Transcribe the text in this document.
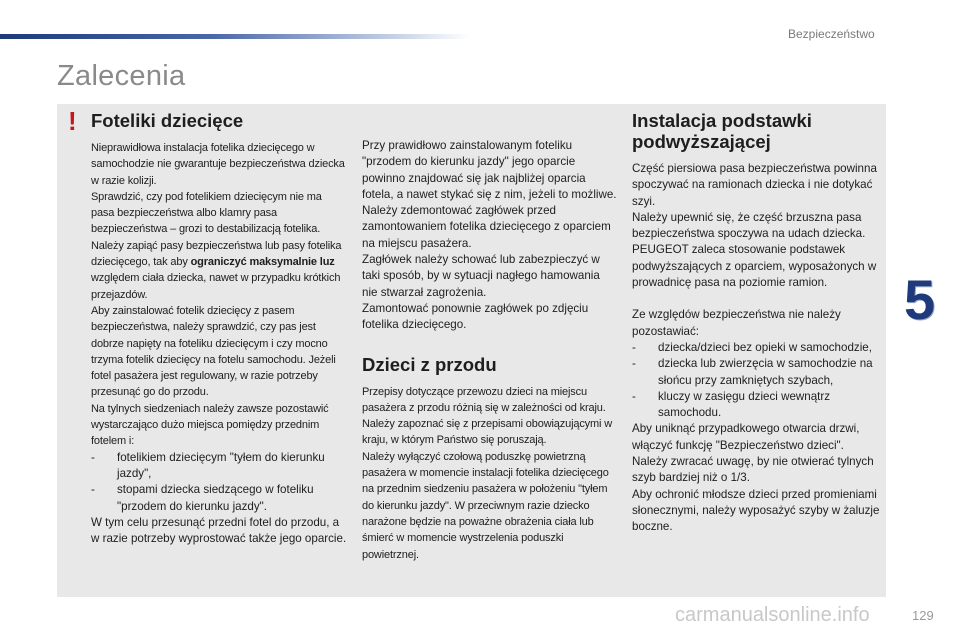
Bezpieczeństwo
Zalecenia
! Foteliki dziecięce

Nieprawidłowa instalacja fotelika dziecięcego w samochodzie nie gwarantuje bezpieczeństwa dziecka w razie kolizji.

Sprawdzić, czy pod fotelikiem dziecięcym nie ma pasa bezpieczeństwa albo klamry pasa bezpieczeństwa – grozi to destabilizacją fotelika.

Należy zapiąć pasy bezpieczeństwa lub pasy fotelika dziecięcego, tak aby ograniczyć maksymalnie luz względem ciała dziecka, nawet w przypadku krótkich przejazdów.

Aby zainstalować fotelik dziecięcy z pasem bezpieczeństwa, należy sprawdzić, czy pas jest dobrze napięty na foteliku dziecięcym i czy mocno trzyma fotelik dziecięcy na fotelu samochodu. Jeżeli fotel pasażera jest regulowany, w razie potrzeby przesunąć go do przodu.

Na tylnych siedzeniach należy zawsze pozostawić wystarczająco dużo miejsca pomiędzy przednim fotelem i:

- fotelikiem dziecięcym "tyłem do kierunku jazdy",
- stopami dziecka siedzącego w foteliku "przodem do kierunku jazdy".

W tym celu przesunąć przedni fotel do przodu, a w razie potrzeby wyprostować także jego oparcie.

Przy prawidłowo zainstalowanym foteliku "przodem do kierunku jazdy" jego oparcie powinno znajdować się jak najbliżej oparcia fotela, a nawet stykać się z nim, jeżeli to możliwe.

Należy zdemontować zagłówek przed zamontowaniem fotelika dziecięcego z oparciem na miejscu pasażera.

Zagłówek należy schować lub zabezpieczyć w taki sposób, by w sytuacji nagłego hamowania nie stwarzał zagrożenia.

Zamontować ponownie zagłówek po zdjęciu fotelika dziecięcego.

Dzieci z przodu

Przepisy dotyczące przewozu dzieci na miejscu pasażera z przodu różnią się w zależności od kraju. Należy zapoznać się z przepisami obowiązującymi w kraju, w którym Państwo się poruszają.

Należy wyłączyć czołową poduszkę powietrzną pasażera w momencie instalacji fotelika dziecięcego na przednim siedzeniu pasażera w położeniu "tyłem do kierunku jazdy". W przeciwnym razie dziecko narażone będzie na poważne obrażenia ciała lub śmierć w momencie wystrzelenia poduszki powietrznej.

Instalacja podstawki podwyższającej

Część piersiowa pasa bezpieczeństwa powinna spoczywać na ramionach dziecka i nie dotykać szyi.

Należy upewnić się, że część brzuszna pasa bezpieczeństwa spoczywa na udach dziecka.

PEUGEOT zaleca stosowanie podstawek podwyższających z oparciem, wyposażonych w prowadnicę pasa na poziomie ramion.

Ze względów bezpieczeństwa nie należy pozostawiać:

- dziecka/dzieci bez opieki w samochodzie,
- dziecka lub zwierzęcia w samochodzie na słońcu przy zamkniętych szybach,
- kluczy w zasięgu dzieci wewnątrz samochodu.

Aby uniknąć przypadkowego otwarcia drzwi, włączyć funkcję "Bezpieczeństwo dzieci".

Należy zwracać uwagę, by nie otwierać tylnych szyb bardziej niż o 1/3.

Aby ochronić młodsze dzieci przed promieniami słonecznymi, należy wyposażyć szyby w żaluzje boczne.

5
carmanualsonline.info	129
